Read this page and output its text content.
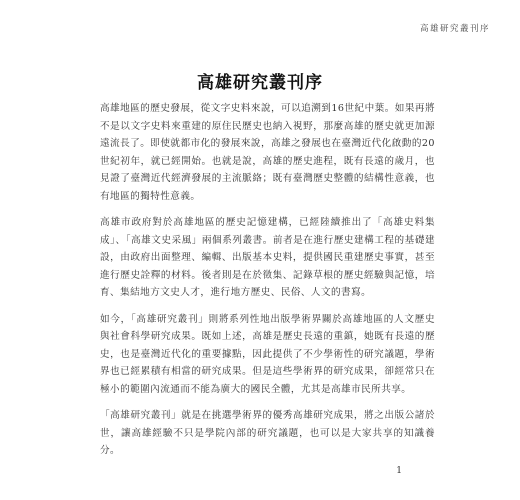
高雄研究叢刊序
高雄研究叢刊序

高雄地區的歷史發展，從文字史料來說，可以追溯到16世紀中葉。如果再將不是以文字史料來重建的原住民歷史也納入視野，那麼高雄的歷史就更加源遠流長了。即使就都市化的發展來說，高雄之發展也在臺灣近代化啟動的20世紀初年，就已經開始。也就是說，高雄的歷史進程，既有長遠的歲月，也見證了臺灣近代經濟發展的主流脈絡；既有臺灣歷史整體的結構性意義，也有地區的獨特性意義。

高雄市政府對於高雄地區的歷史記憶建構，已經陸續推出了「高雄史料集成」、「高雄文史采風」兩個系列叢書。前者是在進行歷史建構工程的基礎建設，由政府出面整理、編輯、出版基本史料，提供國民重建歷史事實，甚至進行歷史詮釋的材料。後者則是在於徵集、記錄草根的歷史經驗與記憶，培育、集結地方文史人才，進行地方歷史、民俗、人文的書寫。

如今，「高雄研究叢刊」則將系列性地出版學術界關於高雄地區的人文歷史與社會科學研究成果。既如上述，高雄是歷史長遠的重鎮，她既有長遠的歷史，也是臺灣近代化的重要據點，因此提供了不少學術性的研究議題，學術界也已經累積有相當的研究成果。但是這些學術界的研究成果，卻經常只在極小的範圍內流通而不能為廣大的國民全體，尤其是高雄市民所共享。

「高雄研究叢刊」就是在挑選學術界的優秀高雄研究成果，將之出版公諸於世，讓高雄經驗不只是學院內部的研究議題，也可以是大家共享的知識養分。

1
